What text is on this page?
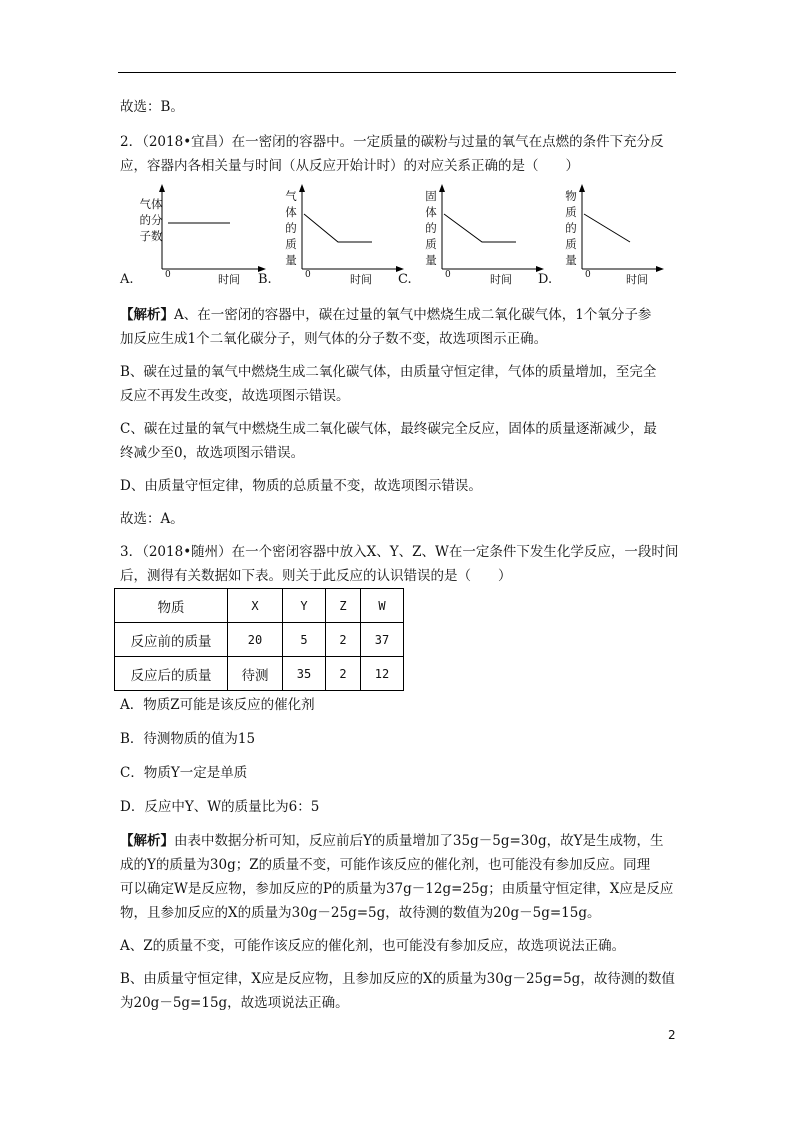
故选：B。
2．（2018•宜昌）在一密闭的容器中。一定质量的碳粉与过量的氧气在点燃的条件下充分反
应，容器内各相关量与时间（从反应开始计时）的对应关系正确的是（　　）
气体
的分
子数
0	时间
A.
气
体
的
质
量
0	时间
B.
固
体
的
质
量
0	时间
C.
物
质
的
质
量
0	时间
D.
【解析】A、在一密闭的容器中，碳在过量的氧气中燃烧生成二氧化碳气体，1个氧分子参
加反应生成1个二氧化碳分子，则气体的分子数不变，故选项图示正确。
B、碳在过量的氧气中燃烧生成二氧化碳气体，由质量守恒定律，气体的质量增加，至完全
反应不再发生改变，故选项图示错误。
C、碳在过量的氧气中燃烧生成二氧化碳气体，最终碳完全反应，固体的质量逐渐减少，最
终减少至0，故选项图示错误。
D、由质量守恒定律，物质的总质量不变，故选项图示错误。
故选：A。
3．（2018•随州）在一个密闭容器中放入X、Y、Z、W在一定条件下发生化学反应，一段时间
后，测得有关数据如下表。则关于此反应的认识错误的是（　　）
物质	X	Y	Z	W
反应前的质量	20	5	2	37
反应后的质量	待测	35	2	12
A．物质Z可能是该反应的催化剂
B．待测物质的值为15
C．物质Y一定是单质
D．反应中Y、W的质量比为6：5
【解析】由表中数据分析可知，反应前后Y的质量增加了35g－5g=30g，故Y是生成物，生
成的Y的质量为30g；Z的质量不变，可能作该反应的催化剂，也可能没有参加反应。同理
可以确定W是反应物，参加反应的P的质量为37g－12g=25g；由质量守恒定律，X应是反应
物，且参加反应的X的质量为30g－25g=5g，故待测的数值为20g－5g=15g。
A、Z的质量不变，可能作该反应的催化剂，也可能没有参加反应，故选项说法正确。
B、由质量守恒定律，X应是反应物，且参加反应的X的质量为30g－25g=5g，故待测的数值
为20g－5g=15g，故选项说法正确。
2
